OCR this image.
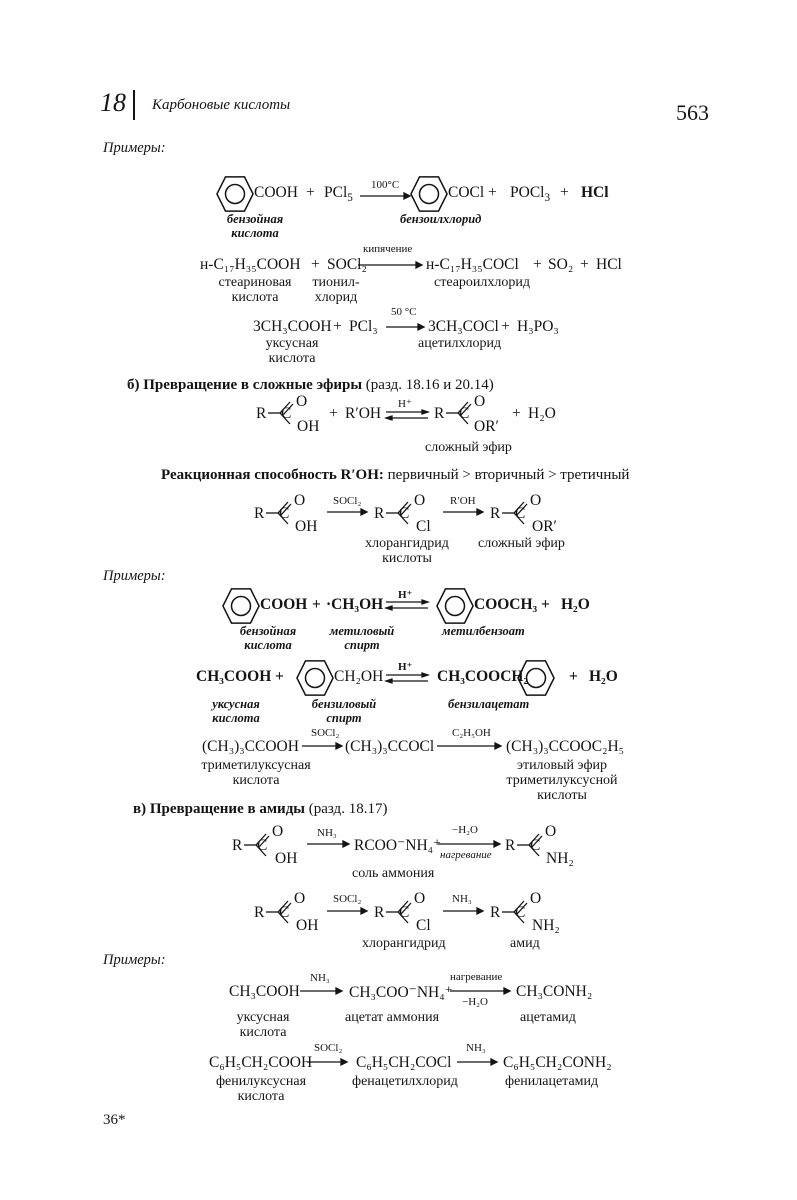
18 Карбоновые кислоты	563
Примеры:
COOH + PCl$_5$
100°C	COCl + POCl$_3$ + HCl
бензойная кислота
бензоилхлорид
н-C₁₇H₃₅COOH + SOCl₂
кипячение
→ н-C₁₇H₃₅COCl + SO₂ + HCl
стеариновая кислота
тионил-хлорид
стеароилхлорид
3CH₃COOH + PCl₃
50 °C
→ 3CH₃COCl + H₃PO₃
уксусная кислота
ацетилхлорид
б) Превращение в сложные эфиры (разд. 18.16 и 20.14)
R C
O
OH
+ R′OH
H⁺
⇌ R C
O
OR′
+ H₂O
сложный эфир
Реакционная способность R′OH: первичный > вторичный > третичный
R C
O
OH
SOCl₂
→ R C
O
Cl
R′OH
→ R C
O
OR′
хлорангидрид кислоты
сложный эфир
Примеры:
COOH + ·CH₃OH
H⁺
COOCH₃ + H₂O
бензойная кислота
метиловый спирт
метилбензоат
CH₃COOH +	CH₂OH
H⁺
⇌ CH₃COOCH₂	+ H₂O
уксусная кислота
бензиловый спирт
бензилацетат
(CH₃)₃CCOOH
SOCl₂
→ (CH₃)₃CCOCl
C₂H₅OH
→ (CH₃)₃CCOOC₂H₅
триметилуксусная кислота
этиловый эфир триметилуксусной кислоты
в) Превращение в амиды (разд. 18.17)
R C
O
OH
NH₃
→ RCOO⁻NH₄⁺
−H₂O
нагревание
R C
O
NH₂
соль аммония
R C
O
OH
SOCl₂
→ R C
O
Cl
NH₃
→ R C
O
NH₂
хлорангидрид	амид
Примеры:
CH₃COOH
NH₃
→ CH₃COO⁻NH₄⁺
нагревание
−H₂O
CH₃CONH₂
уксусная кислота
ацетат аммония	ацетамид
C₆H₅CH₂COOH
SOCl₂
→ C₆H₅CH₂COCl
NH₃
→ C₆H₅CH₂CONH₂
фенилуксусная кислота
фенацетилхлорид	фенилацетамид
36*
